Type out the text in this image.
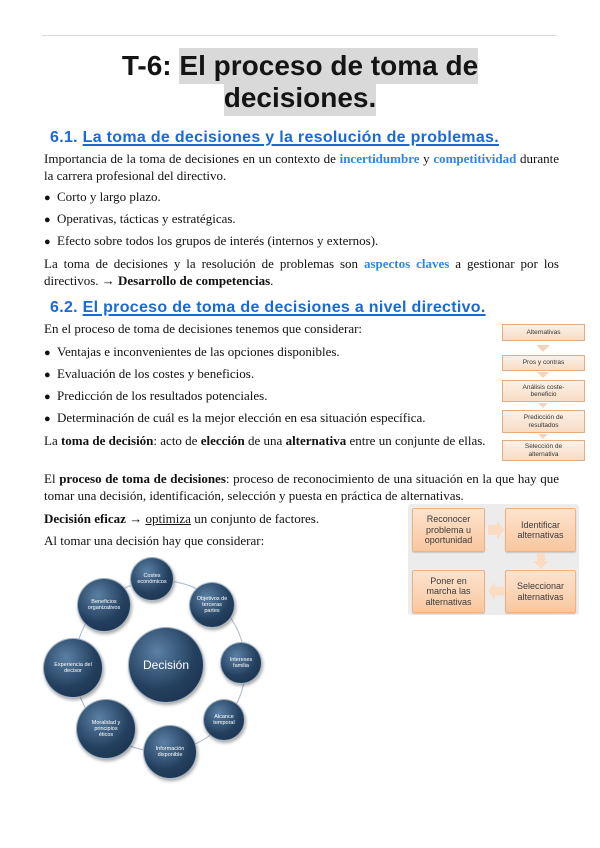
T-6: El proceso de toma de decisiones.
6.1. La toma de decisiones y la resolución de problemas.

Importancia de la toma de decisiones en un contexto de incertidumbre y competitividad durante la carrera profesional del directivo.

●Corto y largo plazo.
●Operativas, tácticas y estratégicas.
●Efecto sobre todos los grupos de interés (internos y externos).

La toma de decisiones y la resolución de problemas son aspectos claves a gestionar por los directivos. → Desarrollo de competencias.

6.2. El proceso de toma de decisiones a nivel directivo.

En el proceso de toma de decisiones tenemos que considerar:

●Ventajas e inconvenientes de las opciones disponibles.
●Evaluación de los costes y beneficios.
●Predicción de los resultados potenciales.
●Determinación de cuál es la mejor elección en esa situación específica.

La toma de decisión: acto de elección de una alternativa entre un conjunte de ellas.

El proceso de toma de decisiones: proceso de reconocimiento de una situación en la que hay que tomar una decisión, identificación, selección y puesta en práctica de alternativas.

Decisión eficaz → optimiza un conjunto de factores.

Al tomar una decisión hay que considerar:

Alternativas
Pros y contras
Análisis coste-beneficio
Predicción de resultados
Selección de alternativa
Reconocer problema u oportunidad
Identificar alternativas
Seleccionar alternativas
Poner en marcha las alternativas
Costes económicos
Objetivos de terceras partes
Intereses familia
Alcance temporal
Información disponible
Moralidad y principios éticos
Experiencia del decisor
Beneficios organizativos
Decisión
